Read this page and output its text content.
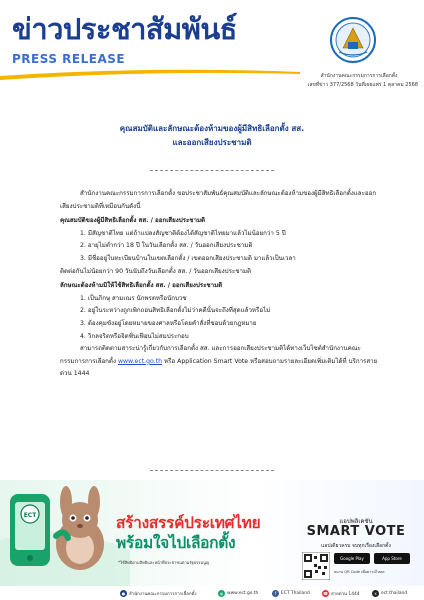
ข่าวประชาสัมพันธ์
PRESS RELEASE
สำนักงานคณะกรรมการการเลือกตั้ง
เลขที่ข่าว 377/2568 วันที่เผยแพร่ 1 ตุลาคม 2568
คุณสมบัติและลักษณะต้องห้ามของผู้มีสิทธิเลือกตั้ง สส.
และออกเสียงประชามติ

สำนักงานคณะกรรมการการเลือกตั้ง ขอประชาสัมพันธ์คุณสมบัติและลักษณะต้องห้ามของผู้มีสิทธิเลือกตั้งและออกเสียงประชามติที่เหมือนกันดังนี้

คุณสมบัติของผู้มีสิทธิเลือกตั้ง สส. / ออกเสียงประชามติ

1. มีสัญชาติไทย แต่ถ้าแปลงสัญชาติต้องได้สัญชาติไทยมาแล้วไม่น้อยกว่า 5 ปี

2. อายุไม่ต่ำกว่า 18 ปี ในวันเลือกตั้ง สส. / วันออกเสียงประชามติ

3. มีชื่ออยู่ในทะเบียนบ้านในเขตเลือกตั้ง / เขตออกเสียงประชามติ มาแล้วเป็นเวลา

ติดต่อกันไม่น้อยกว่า 90 วันนับถึงวันเลือกตั้ง สส. / วันออกเสียงประชามติ

ลักษณะต้องห้ามมิให้ใช้สิทธิเลือกตั้ง สส. / ออกเสียงประชามติ

1. เป็นภิกษุ สามเณร นักพรตหรือนักบวช

2. อยู่ในระหว่างถูกเพิกถอนสิทธิเลือกตั้งไม่ว่าคดีนั้นจะถึงที่สุดแล้วหรือไม่

3. ต้องคุมขังอยู่โดยหมายของศาลหรือโดยคำสั่งที่ชอบด้วยกฎหมาย

4. วิกลจริตหรือจิตฟั่นเฟือนไม่สมประกอบ

สามารถติดตามสาระน่ารู้เกี่ยวกับการเลือกตั้ง สส. และการออกเสียงประชามติได้ทางเว็บไซต์สำนักงานคณะกรรมการการเลือกตั้ง www.ect.go.th หรือ Application Smart Vote หรือสอบถามรายละเอียดเพิ่มเติมได้ที่ บริการสายด่วน 1444

ECT	สร้างสรรค์ประเทศไทย
พร้อมใจไปเลือกตั้ง
*ใช้สิทธิตามสิทธิและหน้าที่ประชาชนตามรัฐธรรมนูญ
แอปพลิเคชัน
SMART VOTE
แอปเดียวครบ จบทุกเรื่องเลือกตั้ง
Google Play	App Store
สแกน QR Code เพื่อดาวน์โหลด
● สำนักงานคณะกรรมการการเลือกตั้ง	◍ www.ect.go.th	f	ECT Thailand	☎ สายด่วน 1444	x ect thailand
